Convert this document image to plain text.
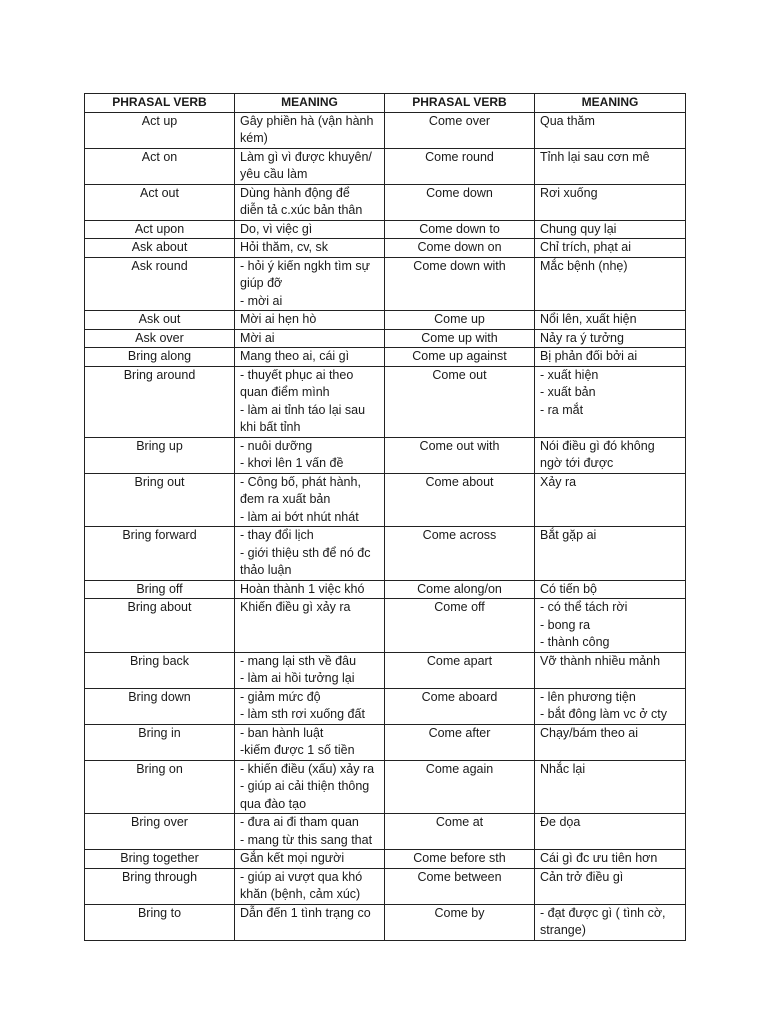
PHRASAL VERB	MEANING	PHRASAL VERB	MEANING
Act up	Gây phiền hà (vận hành
kém)	Come over	Qua thăm

Act on	Làm gì vì được khuyên/
yêu cầu làm	Come round	Tỉnh lại sau cơn mê

Act out	Dùng hành động để
diễn tả c.xúc bản thân	Come down	Rơi xuống

Act upon	Do, vì việc gì	Come down to	Chung quy lại

Ask about	Hỏi thăm, cv, sk	Come down on	Chỉ trích, phạt ai

Ask round	- hỏi ý kiến ngkh tìm sự
giúp đỡ
- mời ai	Come down with	Mắc bệnh (nhẹ)

Ask out	Mời ai hẹn hò	Come up	Nổi lên, xuất hiện

Ask over	Mời ai	Come up with	Nảy ra ý tưởng

Bring along	Mang theo ai, cái gì	Come up against	Bị phản đối bởi ai

Bring around	- thuyết phục ai theo
quan điểm mình
- làm ai tỉnh táo lại sau
khi bất tỉnh	Come out	- xuất hiện
- xuất bản
- ra mắt

Bring up	- nuôi dưỡng
- khơi lên 1 vấn đề	Come out with	Nói điều gì đó không
ngờ tới được

Bring out	- Công bố, phát hành,
đem ra xuất bản
- làm ai bớt nhút nhát	Come about	Xảy ra

Bring forward	- thay đổi lịch
- giới thiệu sth để nó đc
thảo luận	Come across	Bắt gặp ai

Bring off	Hoàn thành 1 việc khó	Come along/on	Có tiến bộ

Bring about	Khiến điều gì xảy ra	Come off	- có thể tách rời
- bong ra
- thành công

Bring back	- mang lại sth về đâu
- làm ai hồi tưởng lại	Come apart	Vỡ thành nhiều mảnh

Bring down	- giảm mức độ
- làm sth rơi xuống đất	Come aboard	- lên phương tiện
- bắt đông làm vc ở cty

Bring in	- ban hành luật
-kiếm được 1 số tiền	Come after	Chạy/bám theo ai

Bring on	- khiến điều (xấu) xảy ra
- giúp ai cải thiện thông
qua đào tạo	Come again	Nhắc lại

Bring over	- đưa ai đi tham quan
- mang từ this sang that	Come at	Đe dọa

Bring together	Gắn kết mọi người	Come before sth	Cái gì đc ưu tiên hơn

Bring through	- giúp ai vượt qua khó
khăn (bệnh, cảm xúc)	Come between	Cản trở điều gì

Bring to	Dẫn đến 1 tình trạng co	Come by	- đạt được gì ( tình cờ,
strange)
